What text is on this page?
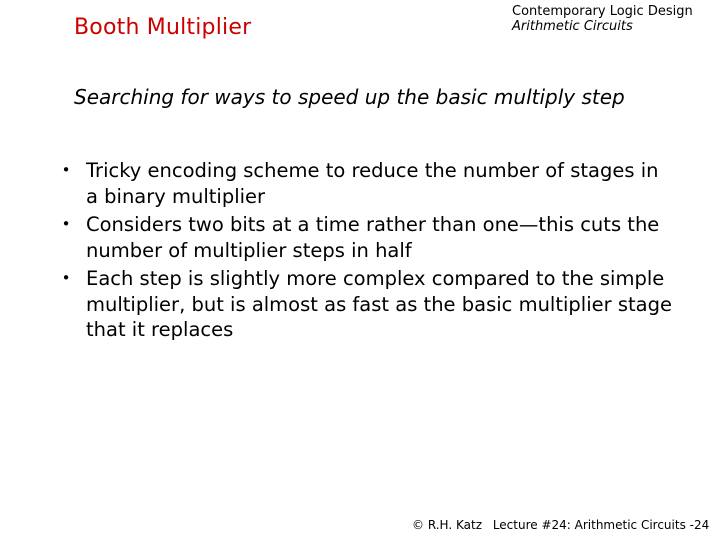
Booth Multiplier
Contemporary Logic Design
Arithmetic Circuits
Searching for ways to speed up the basic multiply step
• Tricky encoding scheme to reduce the number of stages in a binary multiplier
• Considers two bits at a time rather than one—this cuts the number of multiplier steps in half
• Each step is slightly more complex compared to the simple multiplier, but is almost as fast as the basic multiplier stage that it replaces
© R.H. Katz Lecture #24: Arithmetic Circuits -24
